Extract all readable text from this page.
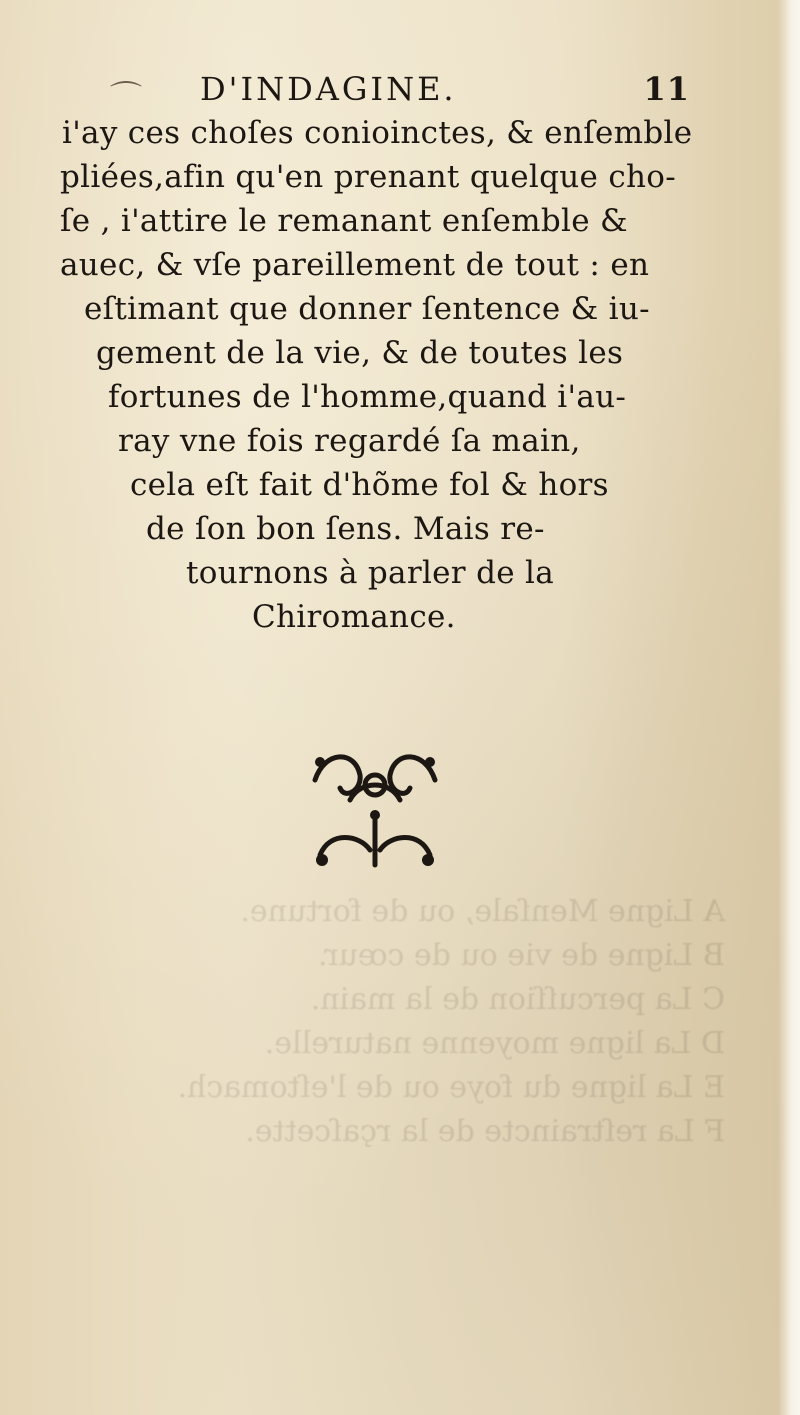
A Ligne Menſale, ou de fortune.
B Ligne de vie ou de cœur.
C La percuſſion de la main.
D La ligne moyenne naturelle.
E La ligne du foye ou de l'eſtomach.
F La reſtraincte de la rçaſcette.
⌒ D'INDAGINE.	11
i'ay ces choſes conioinctes, & enſemble
pliées,afin qu'en prenant quelque cho-
ſe , i'attire le remanant enſemble &
auec, & vſe pareillement de tout : en
eſtimant que donner ſentence & iu-
gement de la vie, & de toutes les
fortunes de l'homme,quand i'au-
ray vne fois regardé ſa main,
cela eſt fait d'hõme fol & hors
de ſon bon ſens. Mais re-
tournons à parler de la
Chiromance.
